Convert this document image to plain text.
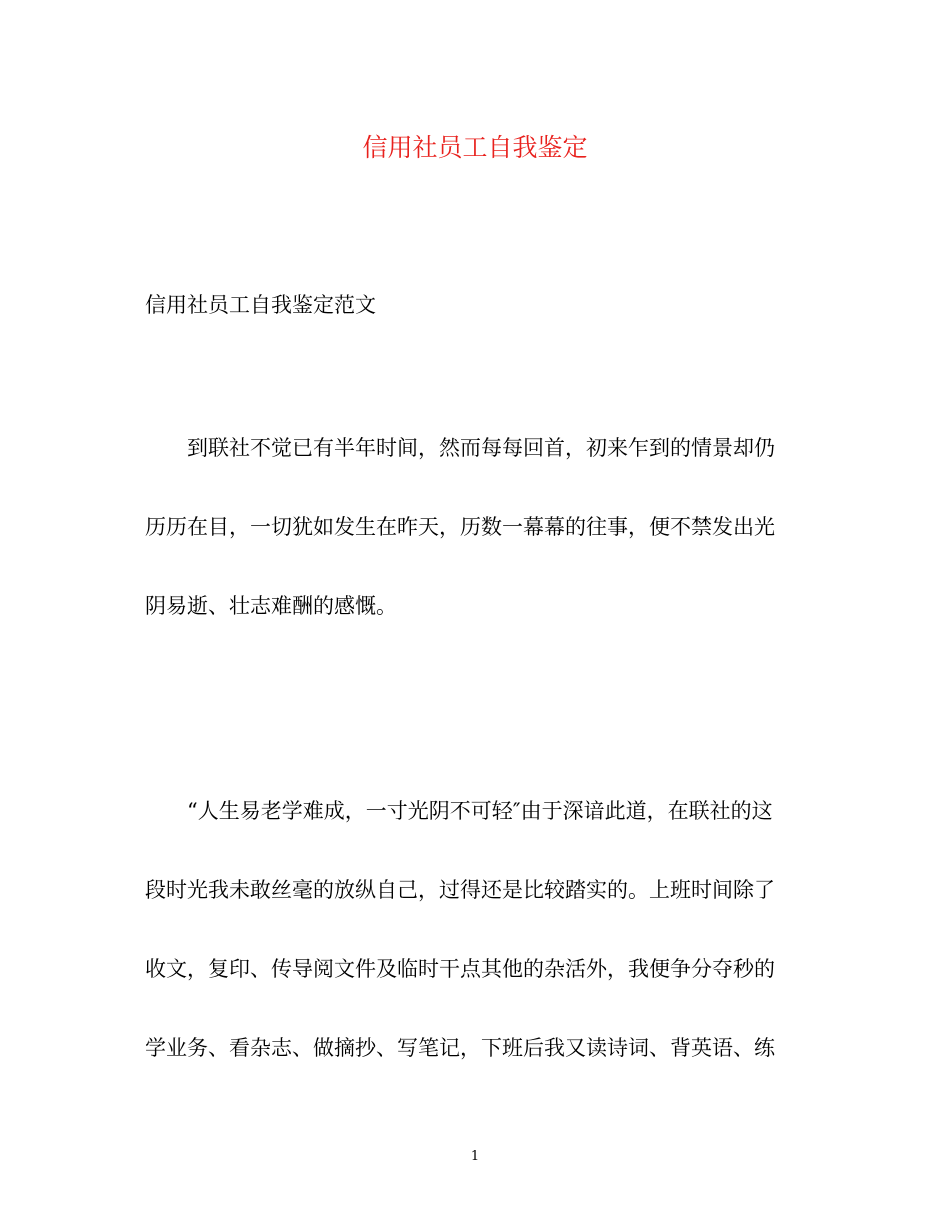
信用社员工自我鉴定
信用社员工自我鉴定范文

到联社不觉已有半年时间，然而每每回首，初来乍到的情景却仍
历历在目，一切犹如发生在昨天，历数一幕幕的往事，便不禁发出光
阴易逝、壮志难酬的感慨。

“人生易老学难成，一寸光阴不可轻″由于深谙此道，在联社的这
段时光我未敢丝毫的放纵自己，过得还是比较踏实的。上班时间除了
收文，复印、传导阅文件及临时干点其他的杂活外，我便争分夺秒的
学业务、看杂志、做摘抄、写笔记，下班后我又读诗词、背英语、练

1
